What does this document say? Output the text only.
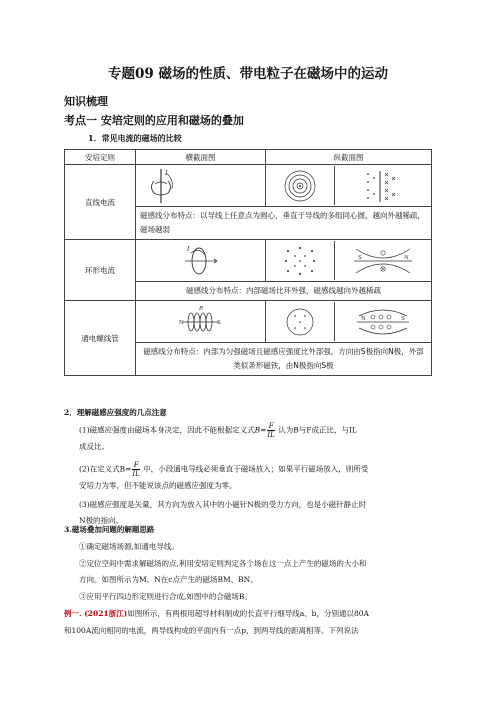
专题09 磁场的性质、带电粒子在磁场中的运动
知识梳理
考点一 安培定则的应用和磁场的叠加
1．常见电流的磁场的比较
安培定则	横截面图	纵截面图
直线电流	I

	磁感线分布特点：以导线上任意点为圆心，垂直于导线的多组同心圆，越向外越稀疏，磁场越弱	
环形电流	I	S N

	磁感线分布特点：内部磁场比环外强，磁感线越向外越稀疏	
通电螺线管	N S
B	N S

	磁感线分布特点：内部为匀强磁场且磁感应强度比外部强，方向由S极指向N极，外部类似条形磁铁，由N极指向S极	
2．理解磁感应强度的几点注意
(1)磁感应强度由磁场本身决定，因此不能根据定义式$B= \frac{F}{IL}$ 认为B与F成正比，与IL
成反比。
(2)在定义式$B= \frac{F}{IL}$ 中，小段通电导线必须垂直于磁场放入；如果平行磁场放入，则所受
安培力为零，但不能说该点的磁感应强度为零。
(3)磁感应强度是矢量，其方向为放入其中的小磁针N极的受力方向，也是小磁针静止时
N极的指向。
3.磁场叠加问题的解题思路
①确定磁场场源,如通电导线。
②定位空间中需求解磁场的点,利用安培定则判定各个场在这一点上产生的磁场的大小和
方向。如图所示为M、N在c点产生的磁场BM、BN。
③应用平行四边形定则进行合成,如图中的合磁场B。
例一. (2021浙江)如图所示，有两根用超导材料制成的长直平行细导线a、b，分别通以80A
和100A流向相同的电流，两导线构成的平面内有一点p，到两导线的距离相等。下列说法
